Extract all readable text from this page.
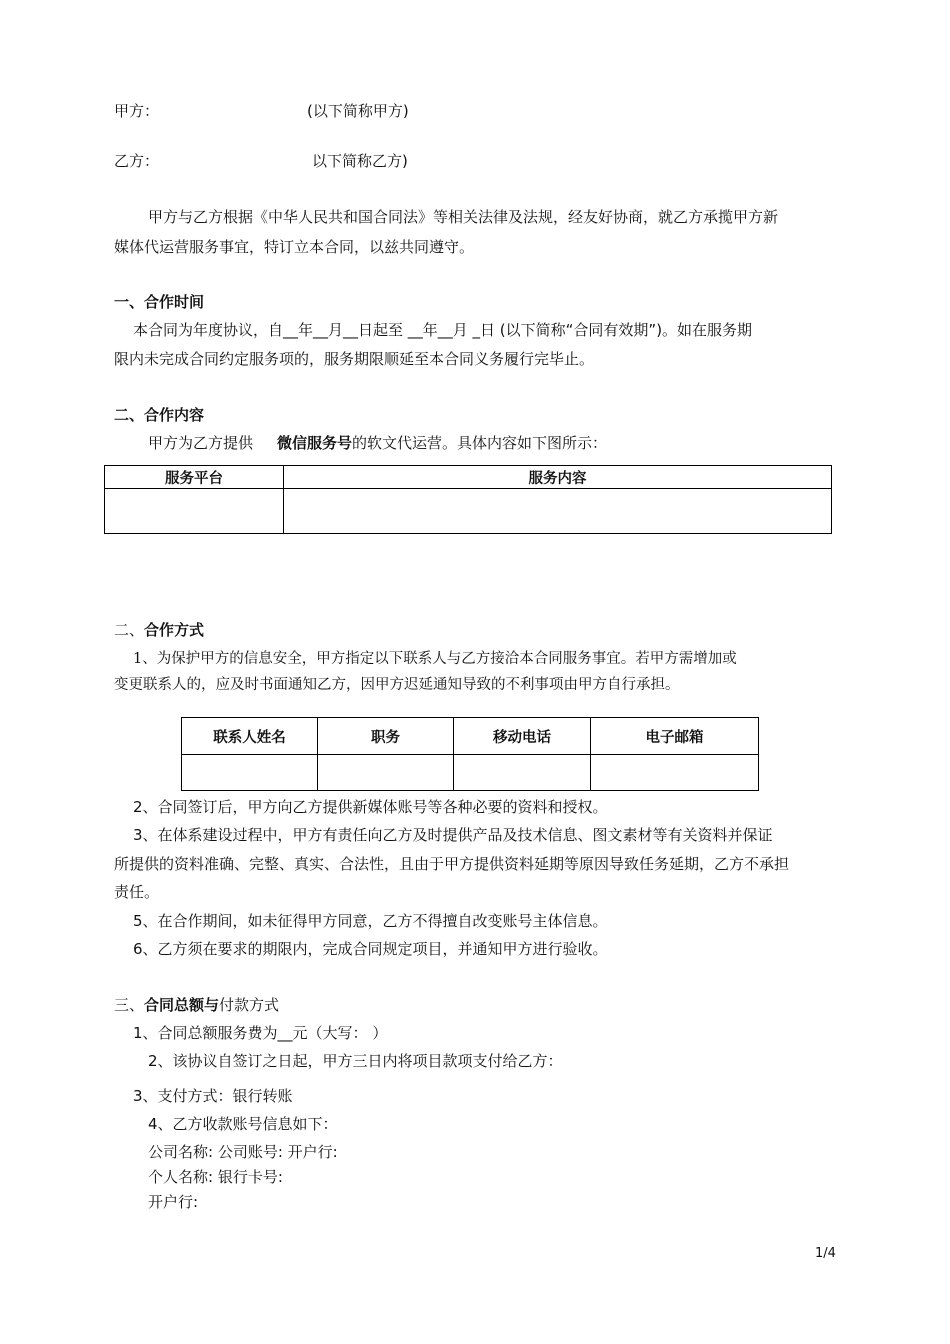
甲方：	(以下简称甲方)
乙方：	以下简称乙方)
甲方与乙方根据《中华人民共和国合同法》等相关法律及法规，经友好协商，就乙方承揽甲方新
媒体代运营服务事宜，特订立本合同，以兹共同遵守。
一、合作时间
本合同为年度协议，自__年__月__日起至 __年__月 _日 (以下简称“合同有效期”)。如在服务期
限内未完成合同约定服务项的，服务期限顺延至本合同义务履行完毕止。
二、合作内容
甲方为乙方提供 微信服务号的软文代运营。具体内容如下图所示：
服务平台	服务内容

二、合作方式
1、为保护甲方的信息安全，甲方指定以下联系人与乙方接洽本合同服务事宜。若甲方需增加或
变更联系人的，应及时书面通知乙方，因甲方迟延通知导致的不利事项由甲方自行承担。
联系人姓名	职务	移动电话	电子邮箱

2、合同签订后，甲方向乙方提供新媒体账号等各种必要的资料和授权。
3、在体系建设过程中，甲方有责任向乙方及时提供产品及技术信息、图文素材等有关资料并保证
所提供的资料准确、完整、真实、合法性，且由于甲方提供资料延期等原因导致任务延期，乙方不承担
责任。
5、在合作期间，如未征得甲方同意，乙方不得擅自改变账号主体信息。
6、乙方须在要求的期限内，完成合同规定项目，并通知甲方进行验收。
三、合同总额与付款方式
1、合同总额服务费为__元（大写： ）
2、该协议自签订之日起，甲方三日内将项目款项支付给乙方：
3、支付方式：银行转账
4、乙方收款账号信息如下：
公司名称: 公司账号: 开户行:
个人名称: 银行卡号:
开户行:
1/4
